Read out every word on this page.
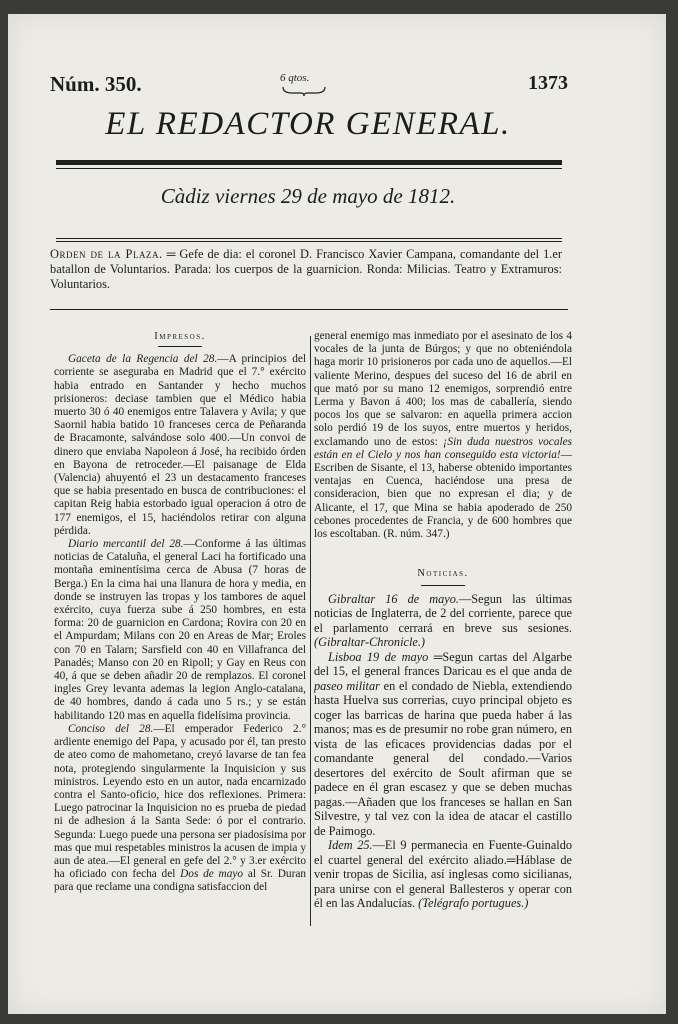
Núm. 350.	6 qtos.	1373
EL REDACTOR GENERAL.
Càdiz viernes 29 de mayo de 1812.
Orden de la Plaza. ═ Gefe de dia: el coronel D. Francisco Xavier Campana, comandante del 1.er batallon de Voluntarios. Parada: los cuerpos de la guarnicion. Ronda: Milicias. Teatro y Extramuros: Voluntarios.
Impresos.

Gaceta de la Regencia del 28.—A principios del corriente se aseguraba en Madrid que el 7.° exército habia entrado en Santander y hecho muchos prisioneros: deciase tambien que el Médico habia muerto 30 ó 40 enemigos entre Talavera y Avila; y que Saornil habia batido 10 franceses cerca de Peñaranda de Bracamonte, salvándose solo 400.—Un convoi de dinero que enviaba Napoleon á José, ha recibido órden en Bayona de retroceder.—El paisanage de Elda (Valencia) ahuyentó el 23 un destacamento franceses que se habia presentado en busca de contribuciones: el capitan Reig habia estorbado igual operacion á otro de 177 enemigos, el 15, haciéndolos retirar con alguna pérdida.

Diario mercantil del 28.—Conforme á las últimas noticias de Cataluña, el general Laci ha fortificado una montaña eminentísima cerca de Abusa (7 horas de Berga.) En la cima hai una llanura de hora y media, en donde se instruyen las tropas y los tambores de aquel exército, cuya fuerza sube á 250 hombres, en esta forma: 20 de guarnicion en Cardona; Rovira con 20 en el Ampurdam; Milans con 20 en Areas de Mar; Eroles con 70 en Talarn; Sarsfield con 40 en Villafranca del Panadés; Manso con 20 en Ripoll; y Gay en Reus con 40, á que se deben añadir 20 de remplazos. El coronel ingles Grey levanta ademas la legion Anglo-catalana, de 40 hombres, dando á cada uno 5 rs.; y se están habilitando 120 mas en aquella fidelísima provincia.

Conciso del 28.—El emperador Federico 2.° ardiente enemigo del Papa, y acusado por él, tan presto de ateo como de mahometano, creyó lavarse de tan fea nota, protegiendo singularmente la Inquisicion y sus ministros. Leyendo esto en un autor, nada encarnizado contra el Santo-oficio, hice dos reflexiones. Primera: Luego patrocinar la Inquisicion no es prueba de piedad ni de adhesion á la Santa Sede: ó por el contrario. Segunda: Luego puede una persona ser piadosísima por mas que mui respetables ministros la acusen de impia y aun de atea.—El general en gefe del 2.° y 3.er exército ha oficiado con fecha del Dos de mayo al Sr. Duran para que reclame una condigna satisfaccion del

general enemigo mas inmediato por el asesinato de los 4 vocales de la junta de Búrgos; y que no obteniéndola haga morir 10 prisioneros por cada uno de aquellos.—El valiente Merino, despues del suceso del 16 de abril en que mató por su mano 12 enemigos, sorprendió entre Lerma y Bavon á 400; los mas de caballería, siendo pocos los que se salvaron: en aquella primera accion solo perdió 19 de los suyos, entre muertos y heridos, exclamando uno de estos: ¡Sin duda nuestros vocales están en el Cielo y nos han conseguido esta victoria!—Escriben de Sisante, el 13, haberse obtenido importantes ventajas en Cuenca, haciéndose una presa de consideracion, bien que no expresan el dia; y de Alicante, el 17, que Mina se habia apoderado de 250 cebones procedentes de Francia, y de 600 hombres que los escoltaban. (R. núm. 347.)

Noticias.

Gibraltar 16 de mayo.—Segun las últimas noticias de Inglaterra, de 2 del corriente, parece que el parlamento cerrará en breve sus sesiones. (Gibraltar-Chronicle.)

Lisboa 19 de mayo ═Segun cartas del Algarbe del 15, el general frances Daricau es el que anda de paseo militar en el condado de Niebla, extendiendo hasta Huelva sus correrias, cuyo principal objeto es coger las barricas de harina que pueda haber á las manos; mas es de presumir no robe gran número, en vista de las eficaces providencias dadas por el comandante general del condado.—Varios desertores del exército de Soult afirman que se padece en él gran escasez y que se deben muchas pagas.—Añaden que los franceses se hallan en San Silvestre, y tal vez con la idea de atacar el castillo de Paimogo.

Idem 25.—El 9 permanecia en Fuente-Guinaldo el cuartel general del exército aliado.═Háblase de venir tropas de Sicilia, así inglesas como sicilianas, para unirse con el general Ballesteros y operar con él en las Andalucías. (Telégrafo portugues.)
